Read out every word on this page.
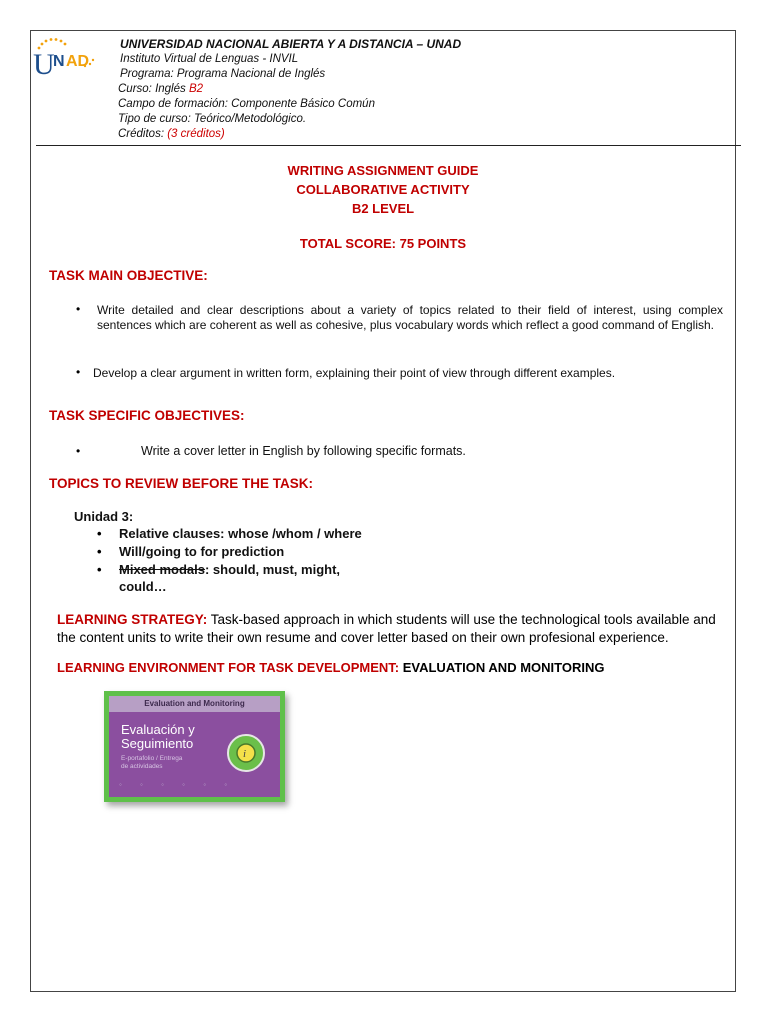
U
N AD
UNIVERSIDAD NACIONAL ABIERTA Y A DISTANCIA – UNAD
Instituto Virtual de Lenguas - INVIL
Programa: Programa Nacional de Inglés
Curso: Inglés B2
Campo de formación: Componente Básico Común
Tipo de curso: Teórico/Metodológico.
Créditos: (3 créditos)
WRITING ASSIGNMENT GUIDE
COLLABORATIVE ACTIVITY
B2 LEVEL
TOTAL SCORE: 75 POINTS
TASK MAIN OBJECTIVE:
• Write detailed and clear descriptions about a variety of topics related to their field of interest, using complex sentences which are coherent as well as cohesive, plus vocabulary words which reflect a good command of English.
• Develop a clear argument in written form, explaining their point of view through different examples.
TASK SPECIFIC OBJECTIVES:
•	Write a cover letter in English by following specific formats.
TOPICS TO REVIEW BEFORE THE TASK:
Unidad 3:
• Relative clauses: whose /whom / where
• Will/going to for prediction
• Mixed modals: should, must, might,
could…
LEARNING STRATEGY: Task-based approach in which students will use the technological tools available and the content units to write their own resume and cover letter based on their own profesional experience.
LEARNING ENVIRONMENT FOR TASK DEVELOPMENT: EVALUATION AND MONITORING
Evaluation and Monitoring
Evaluación y
Seguimiento
E-portafolio / Entrega
de actividades
i
◦ ◦ ◦ ◦ ◦ ◦
